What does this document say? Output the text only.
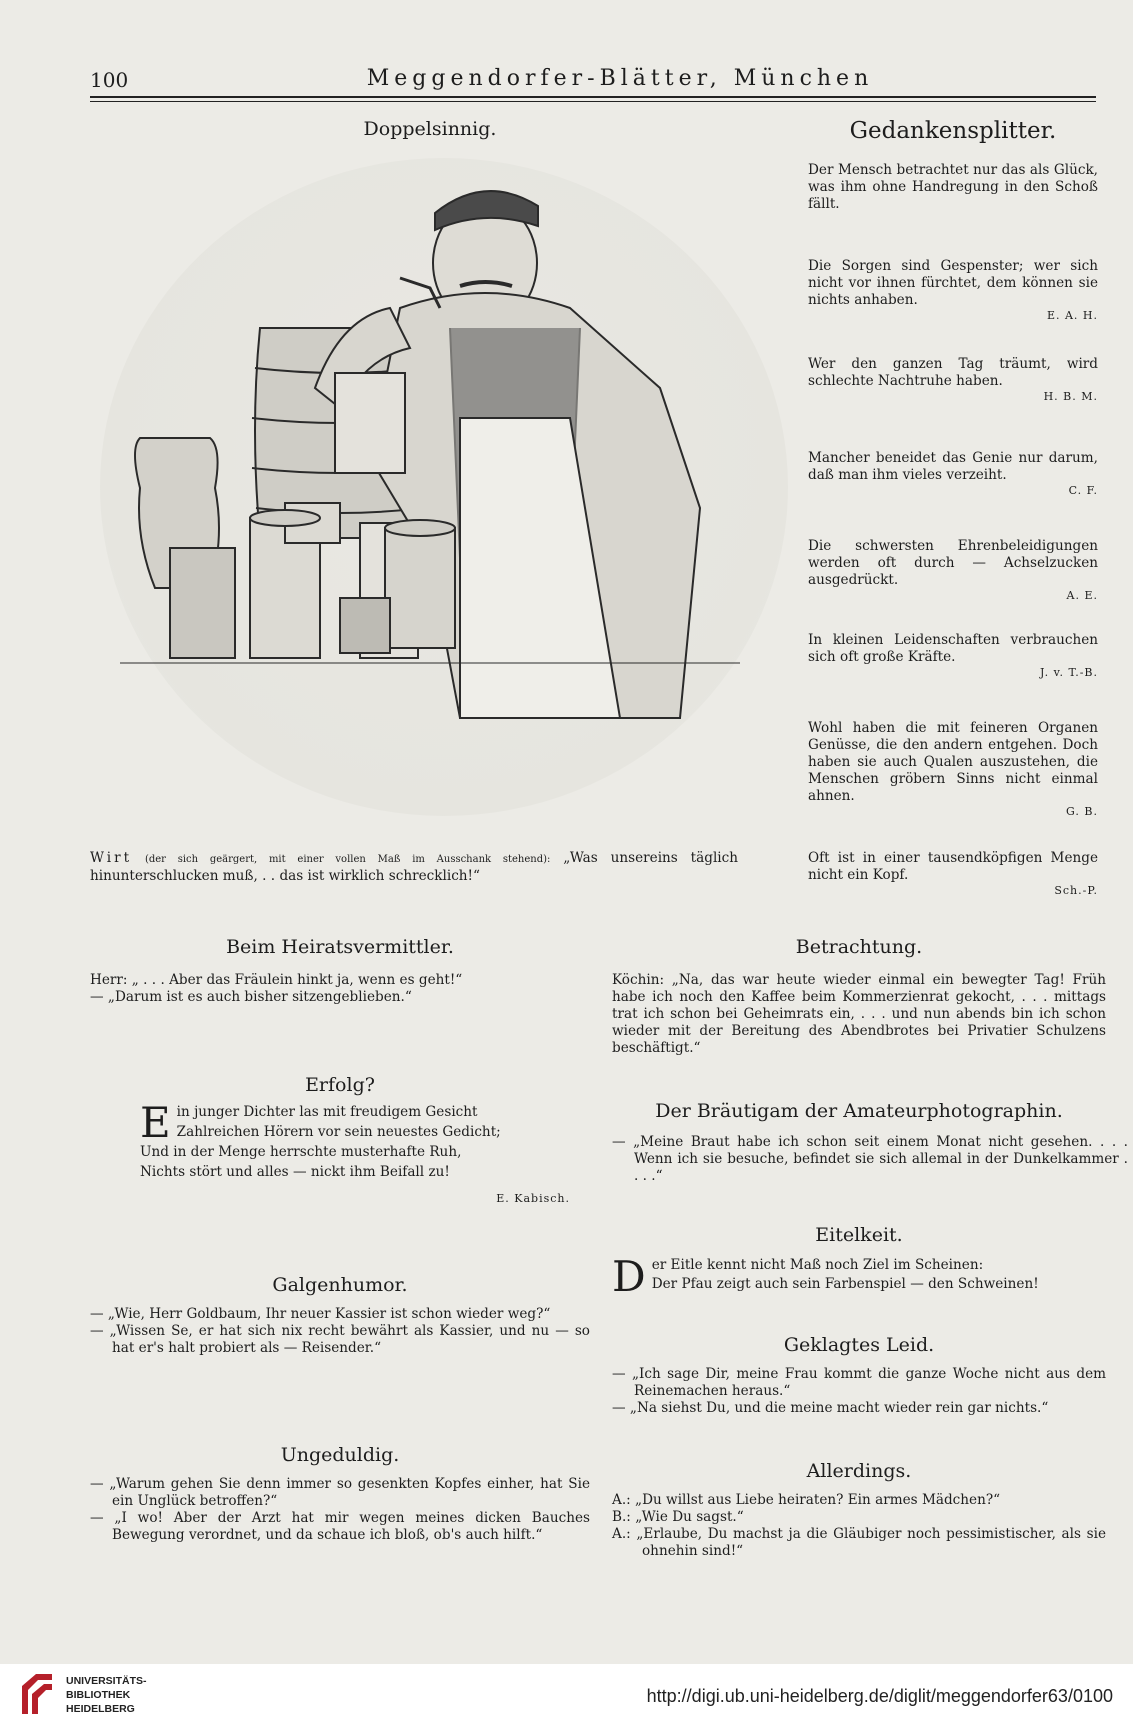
100	Meggendorfer-Blätter, München
Doppelsinnig.
Wirt (der sich geärgert, mit einer vollen Maß im Ausschank stehend): „Was unsereins täglich hinunterschlucken muß, . . das ist wirklich schrecklich!“
Gedankensplitter.
Der Mensch betrachtet nur das als Glück, was ihm ohne Handregung in den Schoß fällt.
Die Sorgen sind Gespenster; wer sich nicht vor ihnen fürchtet, dem können sie nichts anhaben.
E. A. H.
Wer den ganzen Tag träumt, wird schlechte Nachtruhe haben.
H. B. M.
Mancher beneidet das Genie nur darum, daß man ihm vieles verzeiht.
C. F.
Die schwersten Ehrenbeleidigungen werden oft durch — Achselzucken ausgedrückt.
A. E.
In kleinen Leidenschaften verbrauchen sich oft große Kräfte.
J. v. T.-B.
Wohl haben die mit feineren Organen Genüsse, die den andern entgehen. Doch haben sie auch Qualen auszustehen, die Menschen gröbern Sinns nicht einmal ahnen.
G. B.
Oft ist in einer tausendköpfigen Menge nicht ein Kopf.
Sch.-P.
Beim Heiratsvermittler.
Herr: „ . . . Aber das Fräulein hinkt ja, wenn es geht!“
— „Darum ist es auch bisher sitzengeblieben.“
Erfolg?
E in junger Dichter las mit freudigem Gesicht
Zahlreichen Hörern vor sein neuestes Gedicht;
Und in der Menge herrschte musterhafte Ruh,
Nichts stört und alles — nickt ihm Beifall zu!
E. Kabisch.
Galgenhumor.
— „Wie, Herr Goldbaum, Ihr neuer Kassier ist schon wieder weg?“
— „Wissen Se, er hat sich nix recht bewährt als Kassier, und nu — so hat er's halt probiert als — Reisender.“
Ungeduldig.
— „Warum gehen Sie denn immer so gesenkten Kopfes einher, hat Sie ein Unglück betroffen?“
— „I wo! Aber der Arzt hat mir wegen meines dicken Bauches Bewegung verordnet, und da schaue ich bloß, ob's auch hilft.“
Betrachtung.
Köchin: „Na, das war heute wieder einmal ein bewegter Tag! Früh habe ich noch den Kaffee beim Kommerzienrat gekocht, . . . mittags trat ich schon bei Geheimrats ein, . . . und nun abends bin ich schon wieder mit der Bereitung des Abendbrotes bei Privatier Schulzens beschäftigt.“
Der Bräutigam der Amateurphotographin.
— „Meine Braut habe ich schon seit einem Monat nicht gesehen. . . . Wenn ich sie besuche, befindet sie sich allemal in der Dunkelkammer . . . .“
Eitelkeit.
D er Eitle kennt nicht Maß noch Ziel im Scheinen:
Der Pfau zeigt auch sein Farbenspiel — den Schweinen!
Geklagtes Leid.
— „Ich sage Dir, meine Frau kommt die ganze Woche nicht aus dem Reinemachen heraus.“
— „Na siehst Du, und die meine macht wieder rein gar nichts.“
Allerdings.
A.: „Du willst aus Liebe heiraten? Ein armes Mädchen?“
B.: „Wie Du sagst.“
A.: „Erlaube, Du machst ja die Gläubiger noch pessimistischer, als sie ohnehin sind!“
UNIVERSITÄTS-
BIBLIOTHEK
HEIDELBERG
http://digi.ub.uni-heidelberg.de/diglit/meggendorfer63/0100
